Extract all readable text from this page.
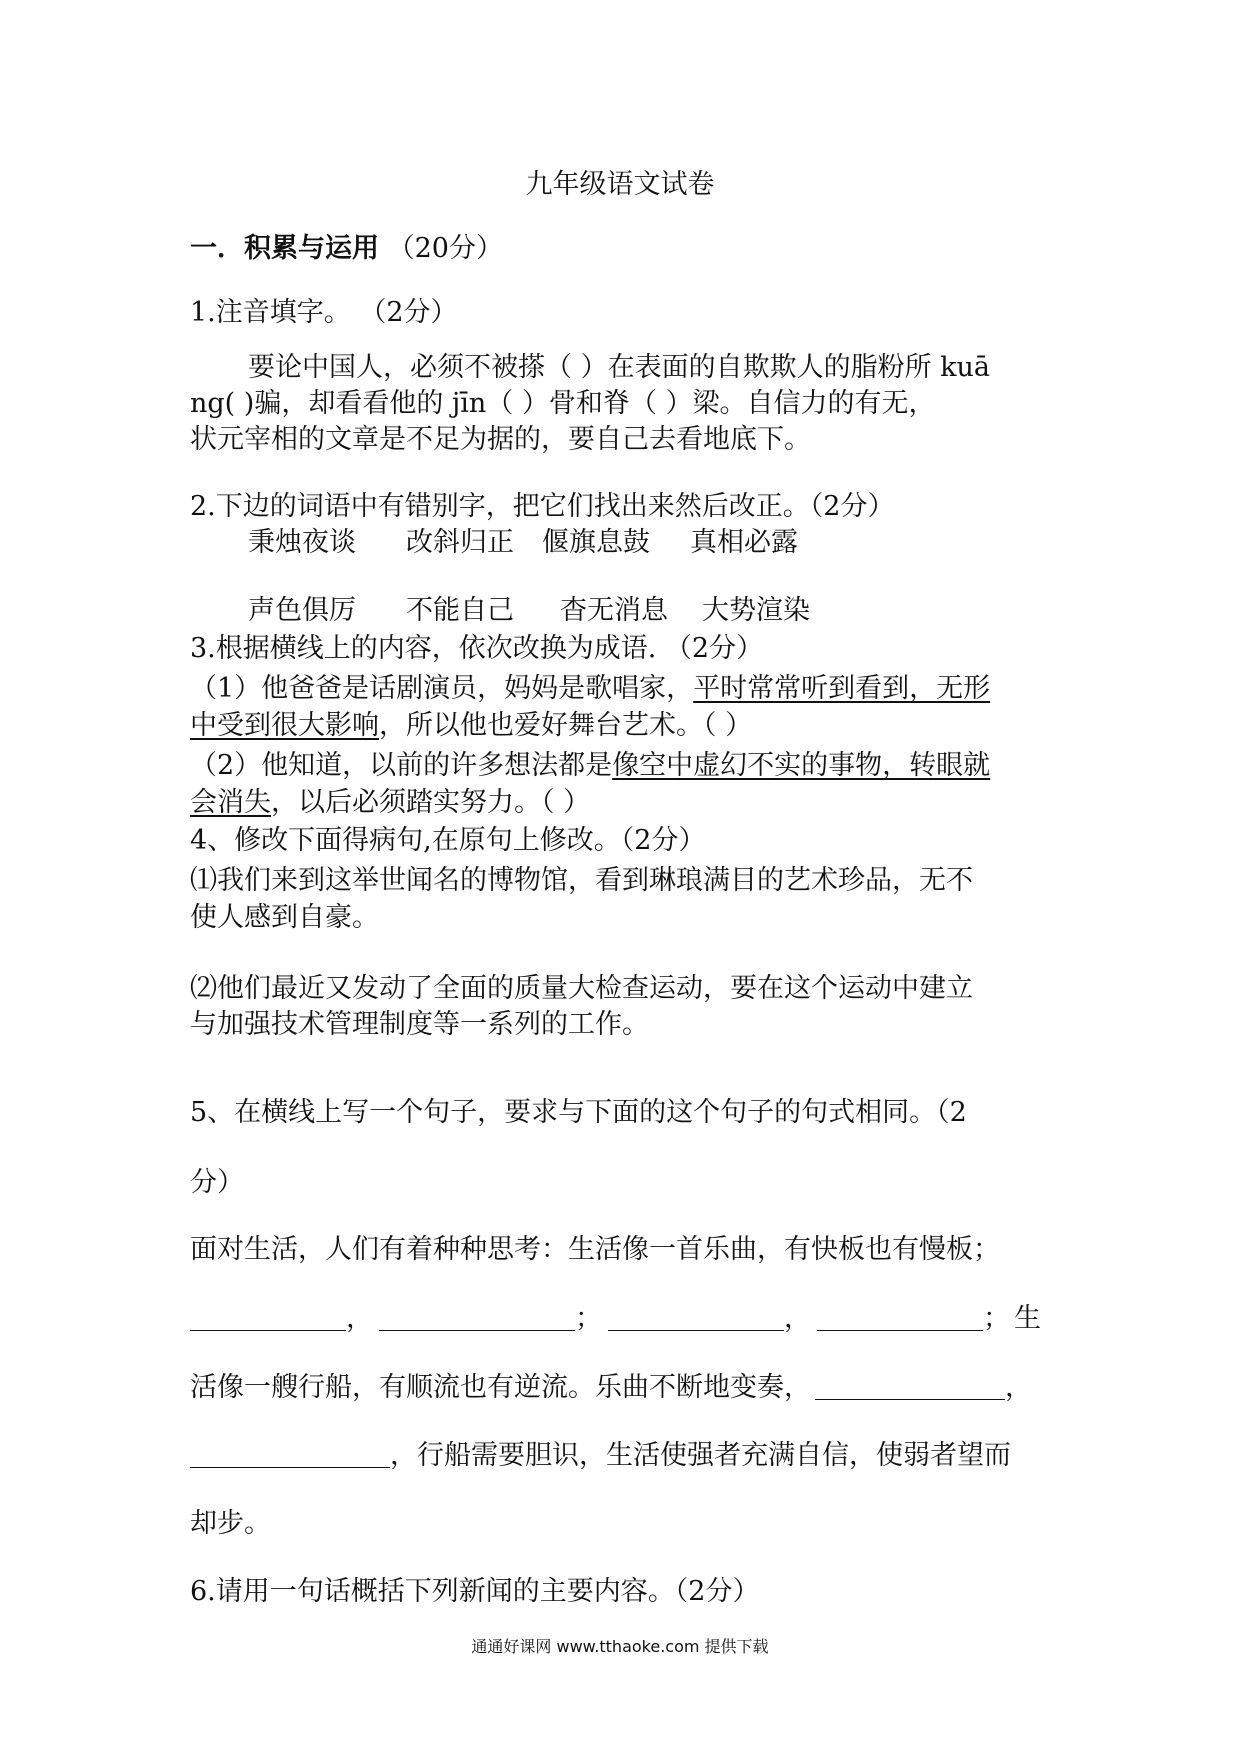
九年级语文试卷
一．积累与运用 （20分）
1.注音填字。 （2分）
要论中国人，必须不被搽（ ）在表面的自欺欺人的脂粉所 kuā
ng( )骗，却看看他的 jīn（ ）骨和脊（ ）梁。自信力的有无，
状元宰相的文章是不足为据的，要自己去看地底下。
2.下边的词语中有错别字，把它们找出来然后改正。（2分）
秉烛夜谈 改斜归正 偃旗息鼓 真相必露
声色俱厉 不能自己 杳无消息 大势渲染
3.根据横线上的内容，依次改换为成语. （2分）
（1）他爸爸是话剧演员，妈妈是歌唱家，平时常常听到看到，无形
中受到很大影响，所以他也爱好舞台艺术。（ ）
（2）他知道，以前的许多想法都是像空中虚幻不实的事物，转眼就
会消失，以后必须踏实努力。（ ）
4、修改下面得病句,在原句上修改。（2分）
⑴我们来到这举世闻名的博物馆，看到琳琅满目的艺术珍品，无不
使人感到自豪。
⑵他们最近又发动了全面的质量大检查运动，要在这个运动中建立
与加强技术管理制度等一系列的工作。
5、在横线上写一个句子，要求与下面的这个句子的句式相同。（2
分）
面对生活，人们有着种种思考：生活像一首乐曲，有快板也有慢板；
，	；	，	； 生
活像一艘行船，有顺流也有逆流。乐曲不断地变奏，	，
，行船需要胆识，生活使强者充满自信，使弱者望而
却步。
6.请用一句话概括下列新闻的主要内容。（2分）
通通好课网 www.tthaoke.com 提供下载
